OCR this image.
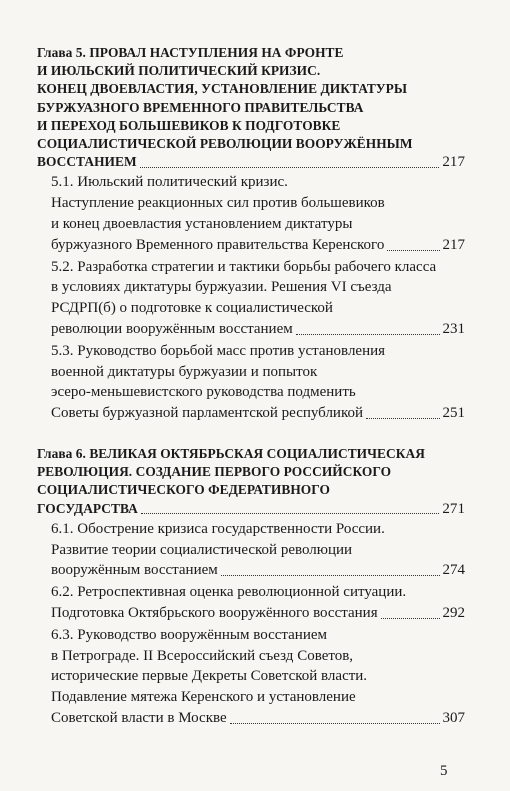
Глава 5. ПРОВАЛ НАСТУПЛЕНИЯ НА ФРОНТЕ
И ИЮЛЬСКИЙ ПОЛИТИЧЕСКИЙ КРИЗИС.
КОНЕЦ ДВОЕВЛАСТИЯ, УСТАНОВЛЕНИЕ ДИКТАТУРЫ
БУРЖУАЗНОГО ВРЕМЕННОГО ПРАВИТЕЛЬСТВА
И ПЕРЕХОД БОЛЬШЕВИКОВ К ПОДГОТОВКЕ
СОЦИАЛИСТИЧЕСКОЙ РЕВОЛЮЦИИ ВООРУЖЁННЫМ
ВОССТАНИЕМ	217
5.1. Июльский политический кризис.
Наступление реакционных сил против большевиков
и конец двоевластия установлением диктатуры
буржуазного Временного правительства Керенского	217
5.2. Разработка стратегии и тактики борьбы рабочего класса
в условиях диктатуры буржуазии. Решения VI съезда
РСДРП(б) о подготовке к социалистической
революции вооружённым восстанием	231
5.3. Руководство борьбой масс против установления
военной диктатуры буржуазии и попыток
эсеро-меньшевистского руководства подменить
Советы буржуазной парламентской республикой	251
Глава 6. ВЕЛИКАЯ ОКТЯБРЬСКАЯ СОЦИАЛИСТИЧЕСКАЯ
РЕВОЛЮЦИЯ. СОЗДАНИЕ ПЕРВОГО РОССИЙСКОГО
СОЦИАЛИСТИЧЕСКОГО ФЕДЕРАТИВНОГО
ГОСУДАРСТВА	271
6.1. Обострение кризиса государственности России.
Развитие теории социалистической революции
вооружённым восстанием	274
6.2. Ретроспективная оценка революционной ситуации.
Подготовка Октябрьского вооружённого восстания	292
6.3. Руководство вооружённым восстанием
в Петрограде. II Всероссийский съезд Советов,
исторические первые Декреты Советской власти.
Подавление мятежа Керенского и установление
Советской власти в Москве	307
5
